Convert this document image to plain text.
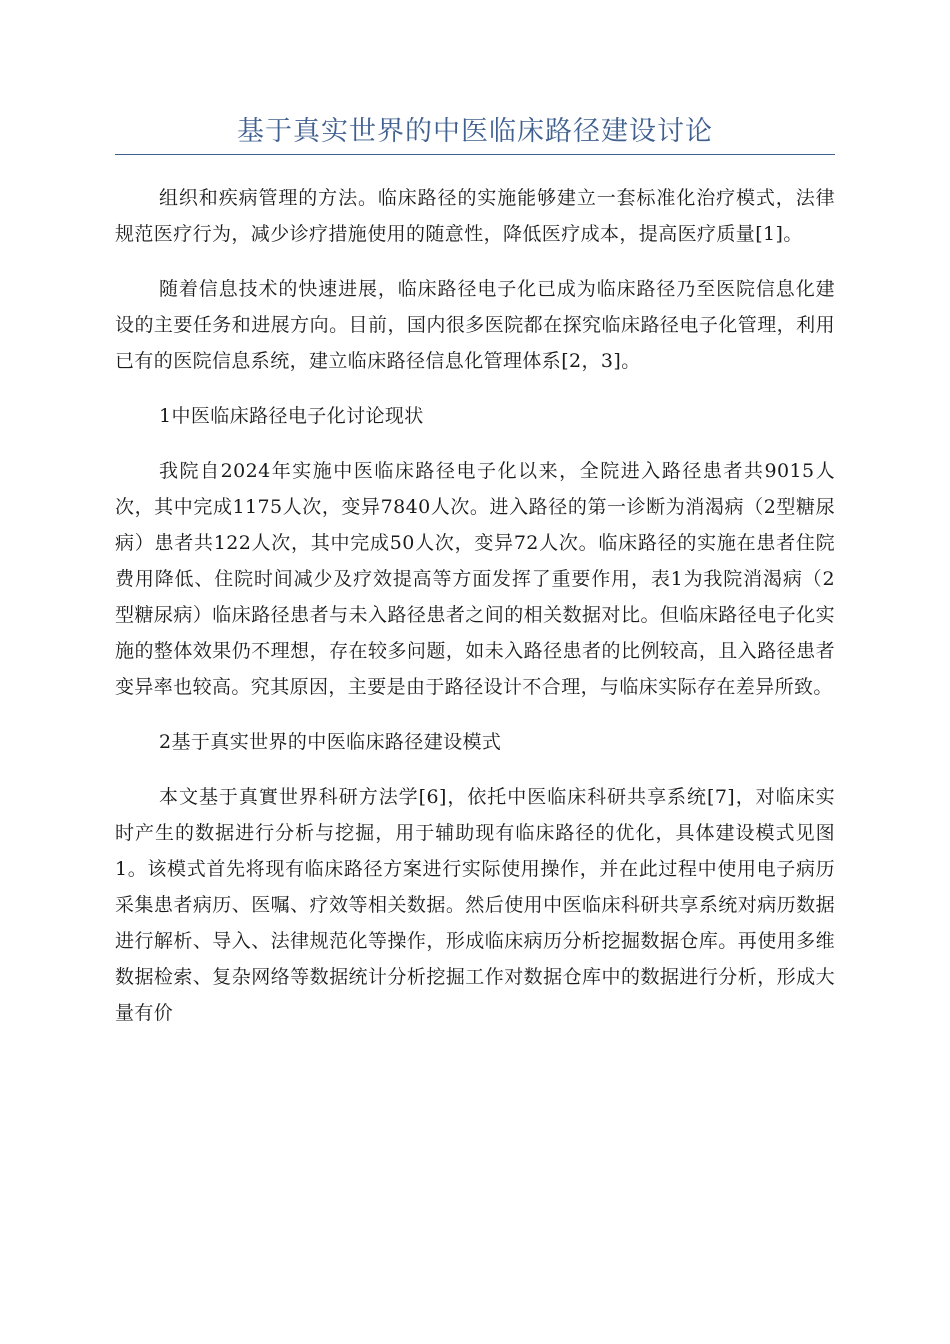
基于真实世界的中医临床路径建设讨论

组织和疾病管理的方法。临床路径的实施能够建立一套标准化治疗模式，法律规范医疗行为，减少诊疗措施使用的随意性，降低医疗成本，提高医疗质量[1]。

随着信息技术的快速进展，临床路径电子化已成为临床路径乃至医院信息化建设的主要任务和进展方向。目前，国内很多医院都在探究临床路径电子化管理，利用已有的医院信息系统，建立临床路径信息化管理体系[2，3]。

1中医临床路径电子化讨论现状

我院自2024年实施中医临床路径电子化以来，全院进入路径患者共9015人次，其中完成1175人次，变异7840人次。进入路径的第一诊断为消渴病（2型糖尿病）患者共122人次，其中完成50人次，变异72人次。临床路径的实施在患者住院费用降低、住院时间减少及疗效提高等方面发挥了重要作用，表1为我院消渴病（2型糖尿病）临床路径患者与未入路径患者之间的相关数据对比。但临床路径电子化实施的整体效果仍不理想，存在较多问题，如未入路径患者的比例较高，且入路径患者变异率也较高。究其原因，主要是由于路径设计不合理，与临床实际存在差异所致。

2基于真实世界的中医临床路径建设模式

本文基于真實世界科研方法学[6]，依托中医临床科研共享系统[7]，对临床实时产生的数据进行分析与挖掘，用于辅助现有临床路径的优化，具体建设模式见图1。该模式首先将现有临床路径方案进行实际使用操作，并在此过程中使用电子病历采集患者病历、医嘱、疗效等相关数据。然后使用中医临床科研共享系统对病历数据进行解析、导入、法律规范化等操作，形成临床病历分析挖掘数据仓库。再使用多维数据检索、复杂网络等数据统计分析挖掘工作对数据仓库中的数据进行分析，形成大量有价
